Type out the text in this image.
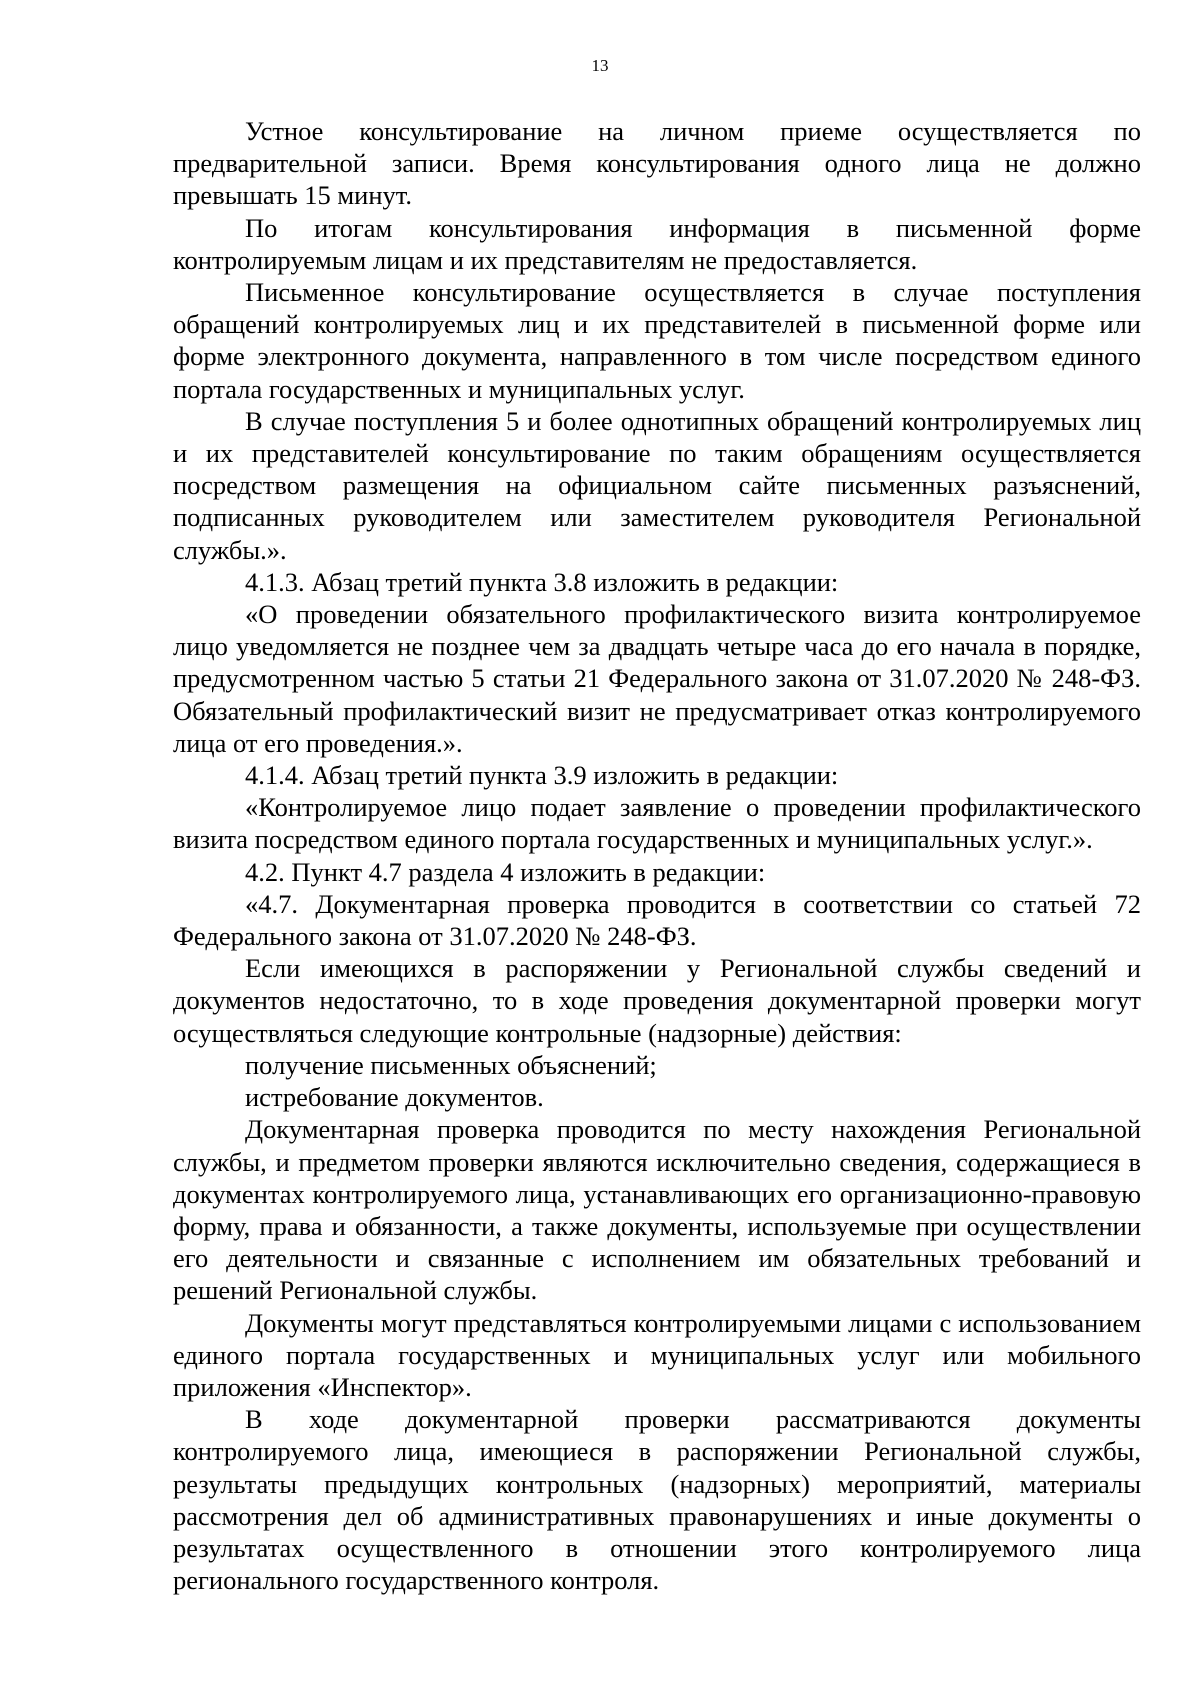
13

Устное консультирование на личном приеме осуществляется по предварительной записи. Время консультирования одного лица не должно превышать 15 минут.

По итогам консультирования информация в письменной форме контролируемым лицам и их представителям не предоставляется.

Письменное консультирование осуществляется в случае поступления обращений контролируемых лиц и их представителей в письменной форме или форме электронного документа, направленного в том числе посредством единого портала государственных и муниципальных услуг.

В случае поступления 5 и более однотипных обращений контролируемых лиц и их представителей консультирование по таким обращениям осуществляется посредством размещения на официальном сайте письменных разъяснений, подписанных руководителем или заместителем руководителя Региональной службы.».

4.1.3. Абзац третий пункта 3.8 изложить в редакции:

«О проведении обязательного профилактического визита контролируемое лицо уведомляется не позднее чем за двадцать четыре часа до его начала в порядке, предусмотренном частью 5 статьи 21 Федерального закона от 31.07.2020 № 248-ФЗ. Обязательный профилактический визит не предусматривает отказ контролируемого лица от его проведения.».

4.1.4. Абзац третий пункта 3.9 изложить в редакции:

«Контролируемое лицо подает заявление о проведении профилактического визита посредством единого портала государственных и муниципальных услуг.».

4.2. Пункт 4.7 раздела 4 изложить в редакции:

«4.7. Документарная проверка проводится в соответствии со статьей 72 Федерального закона от 31.07.2020 № 248-ФЗ.

Если имеющихся в распоряжении у Региональной службы сведений и документов недостаточно, то в ходе проведения документарной проверки могут осуществляться следующие контрольные (надзорные) действия:

получение письменных объяснений;

истребование документов.

Документарная проверка проводится по месту нахождения Региональной службы, и предметом проверки являются исключительно сведения, содержащиеся в документах контролируемого лица, устанавливающих его организационно-правовую форму, права и обязанности, а также документы, используемые при осуществлении его деятельности и связанные с исполнением им обязательных требований и решений Региональной службы.

Документы могут представляться контролируемыми лицами с использованием единого портала государственных и муниципальных услуг или мобильного приложения «Инспектор».

В ходе документарной проверки рассматриваются документы контролируемого лица, имеющиеся в распоряжении Региональной службы, результаты предыдущих контрольных (надзорных) мероприятий, материалы рассмотрения дел об административных правонарушениях и иные документы о результатах осуществленного в отношении этого контролируемого лица регионального государственного контроля.
